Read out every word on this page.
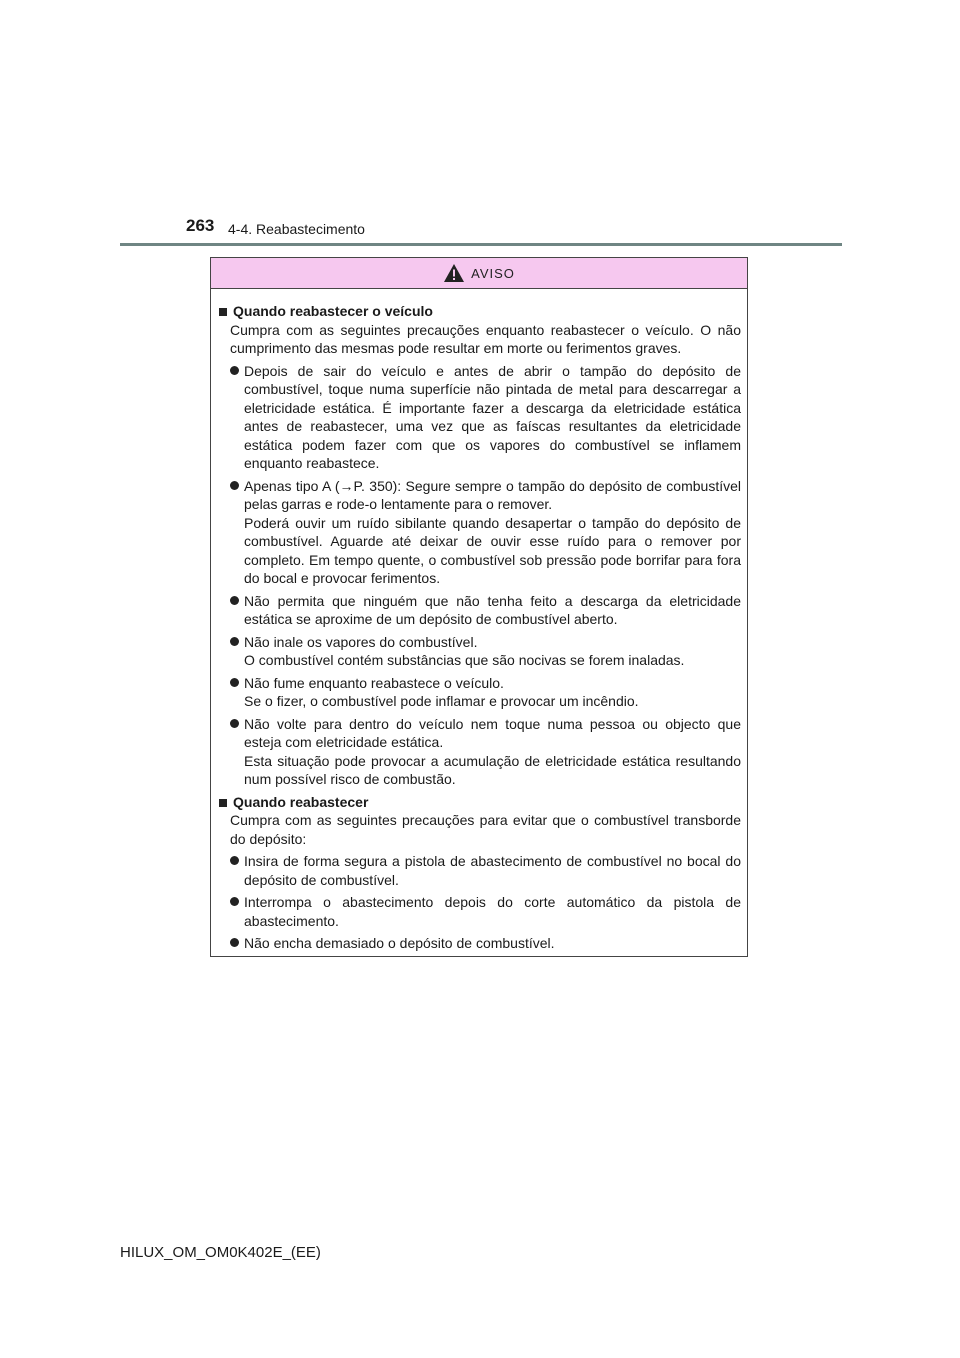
263 4-4. Reabastecimento
AVISO
Quando reabastecer o veículo
Cumpra com as seguintes precauções enquanto reabastecer o veículo. O não cumprimento das mesmas pode resultar em morte ou ferimentos graves.

Depois de sair do veículo e antes de abrir o tampão do depósito de combustível, toque numa superfície não pintada de metal para descarregar a eletricidade estática. É importante fazer a descarga da eletricidade estática antes de reabastecer, uma vez que as faíscas resultantes da eletricidade estática podem fazer com que os vapores do combustível se inflamem enquanto reabastece.

Apenas tipo A (→P. 350): Segure sempre o tampão do depósito de combustível pelas garras e rode-o lentamente para o remover.

Poderá ouvir um ruído sibilante quando desapertar o tampão do depósito de combustível. Aguarde até deixar de ouvir esse ruído para o remover por completo. Em tempo quente, o combustível sob pressão pode borrifar para fora do bocal e provocar ferimentos.

Não permita que ninguém que não tenha feito a descarga da eletricidade estática se aproxime de um depósito de combustível aberto.

Não inale os vapores do combustível.

O combustível contém substâncias que são nocivas se forem inaladas.

Não fume enquanto reabastece o veículo.

Se o fizer, o combustível pode inflamar e provocar um incêndio.

Não volte para dentro do veículo nem toque numa pessoa ou objecto que esteja com eletricidade estática.

Esta situação pode provocar a acumulação de eletricidade estática resultando num possível risco de combustão.

Quando reabastecer
Cumpra com as seguintes precauções para evitar que o combustível transborde do depósito:

Insira de forma segura a pistola de abastecimento de combustível no bocal do depósito de combustível.

Interrompa o abastecimento depois do corte automático da pistola de abastecimento.

Não encha demasiado o depósito de combustível.

HILUX_OM_OM0K402E_(EE)
